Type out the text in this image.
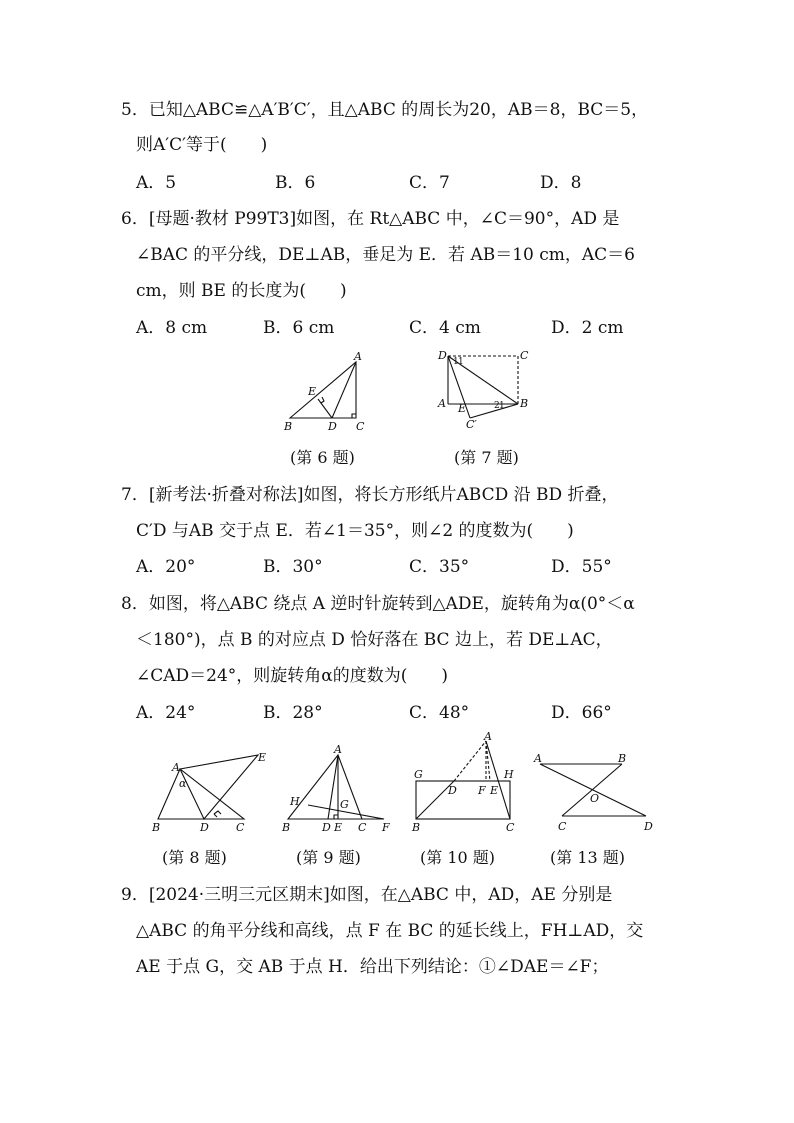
5．已知△ABC≌△A′B′C′，且△ABC 的周长为20，AB＝8，BC＝5，
则A′C′等于(　　)
A．5	B．6	C．7	D．8
6．[母题·教材 P99T3]如图，在 Rt△ABC 中，∠C＝90°，AD 是
∠BAC 的平分线，DE⊥AB，垂足为 E．若 AB＝10 cm，AC＝6
cm，则 BE 的长度为(　　)
A．8 cm	B．6 cm	C．4 cm	D．2 cm
A
B	C
D
E
D	C
A	B
E
C′
1 1
2 1
(第 6 题)	(第 7 题)
7．[新考法·折叠对称法]如图，将长方形纸片ABCD 沿 BD 折叠，
C′D 与AB 交于点 E．若∠1＝35°，则∠2 的度数为(　　)
A．20°	B．30°	C．35°	D．55°
8．如图，将△ABC 绕点 A 逆时针旋转到△ADE，旋转角为α(0°＜α
＜180°)，点 B 的对应点 D 恰好落在 BC 边上，若 DE⊥AC，
∠CAD＝24°，则旋转角α的度数为(　　)
A．24°	B．28°	C．48°	D．66°
A
B	D C
E
α
A
B	D E C F
G
H
A
B	C
G	H
D F E
A	B
C	D
O
(第 8 题)	(第 9 题)	(第 10 题)	(第 13 题)
9．[2024·三明三元区期末]如图，在△ABC 中，AD，AE 分别是
△ABC 的角平分线和高线，点 F 在 BC 的延长线上，FH⊥AD，交
AE 于点 G，交 AB 于点 H．给出下列结论：①∠DAE＝∠F；
